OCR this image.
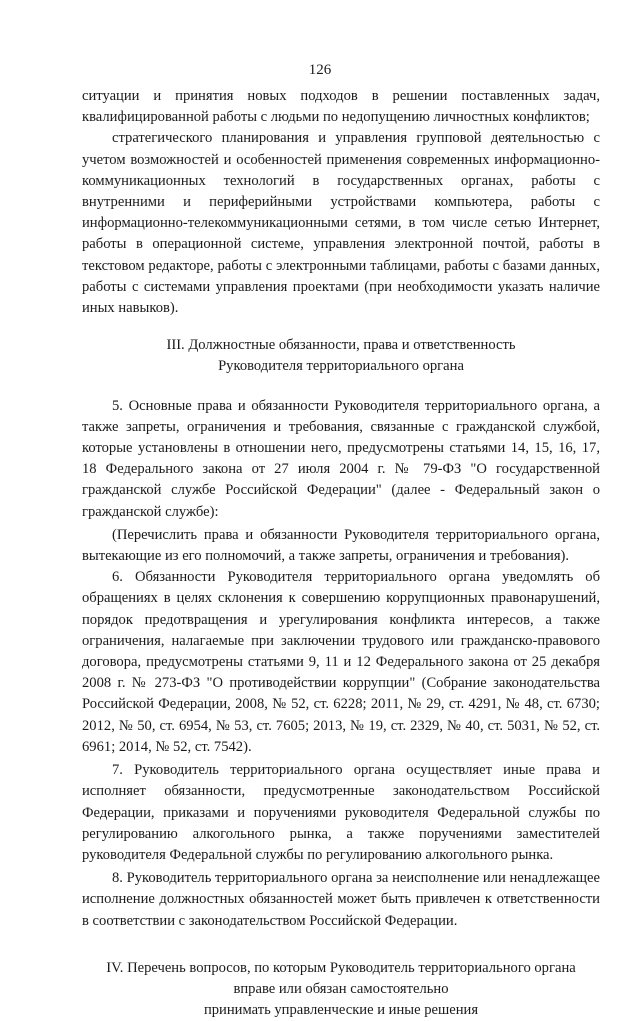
126

ситуации и принятия новых подходов в решении поставленных задач, квалифицированной работы с людьми по недопущению личностных конфликтов;

стратегического планирования и управления групповой деятельностью с учетом возможностей и особенностей применения современных информационно-коммуникационных технологий в государственных органах, работы с внутренними и периферийными устройствами компьютера, работы с информационно-телекоммуникационными сетями, в том числе сетью Интернет, работы в операционной системе, управления электронной почтой, работы в текстовом редакторе, работы с электронными таблицами, работы с базами данных, работы с системами управления проектами (при необходимости указать наличие иных навыков).

III. Должностные обязанности, права и ответственность
Руководителя территориального органа

5. Основные права и обязанности Руководителя территориального органа, а также запреты, ограничения и требования, связанные с гражданской службой, которые установлены в отношении него, предусмотрены статьями 14, 15, 16, 17, 18 Федерального закона от 27 июля 2004 г. № 79-ФЗ "О государственной гражданской службе Российской Федерации" (далее - Федеральный закон о гражданской службе):

(Перечислить права и обязанности Руководителя территориального органа, вытекающие из его полномочий, а также запреты, ограничения и требования).

6. Обязанности Руководителя территориального органа уведомлять об обращениях в целях склонения к совершению коррупционных правонарушений, порядок предотвращения и урегулирования конфликта интересов, а также ограничения, налагаемые при заключении трудового или гражданско-правового договора, предусмотрены статьями 9, 11 и 12 Федерального закона от 25 декабря 2008 г. № 273-ФЗ "О противодействии коррупции" (Собрание законодательства Российской Федерации, 2008, № 52, ст. 6228; 2011, № 29, ст. 4291, № 48, ст. 6730; 2012, № 50, ст. 6954, № 53, ст. 7605; 2013, № 19, ст. 2329, № 40, ст. 5031, № 52, ст. 6961; 2014, № 52, ст. 7542).

7. Руководитель территориального органа осуществляет иные права и исполняет обязанности, предусмотренные законодательством Российской Федерации, приказами и поручениями руководителя Федеральной службы по регулированию алкогольного рынка, а также поручениями заместителей руководителя Федеральной службы по регулированию алкогольного рынка.

8. Руководитель территориального органа за неисполнение или ненадлежащее исполнение должностных обязанностей может быть привлечен к ответственности в соответствии с законодательством Российской Федерации.

IV. Перечень вопросов, по которым Руководитель территориального органа
вправе или обязан самостоятельно
принимать управленческие и иные решения
